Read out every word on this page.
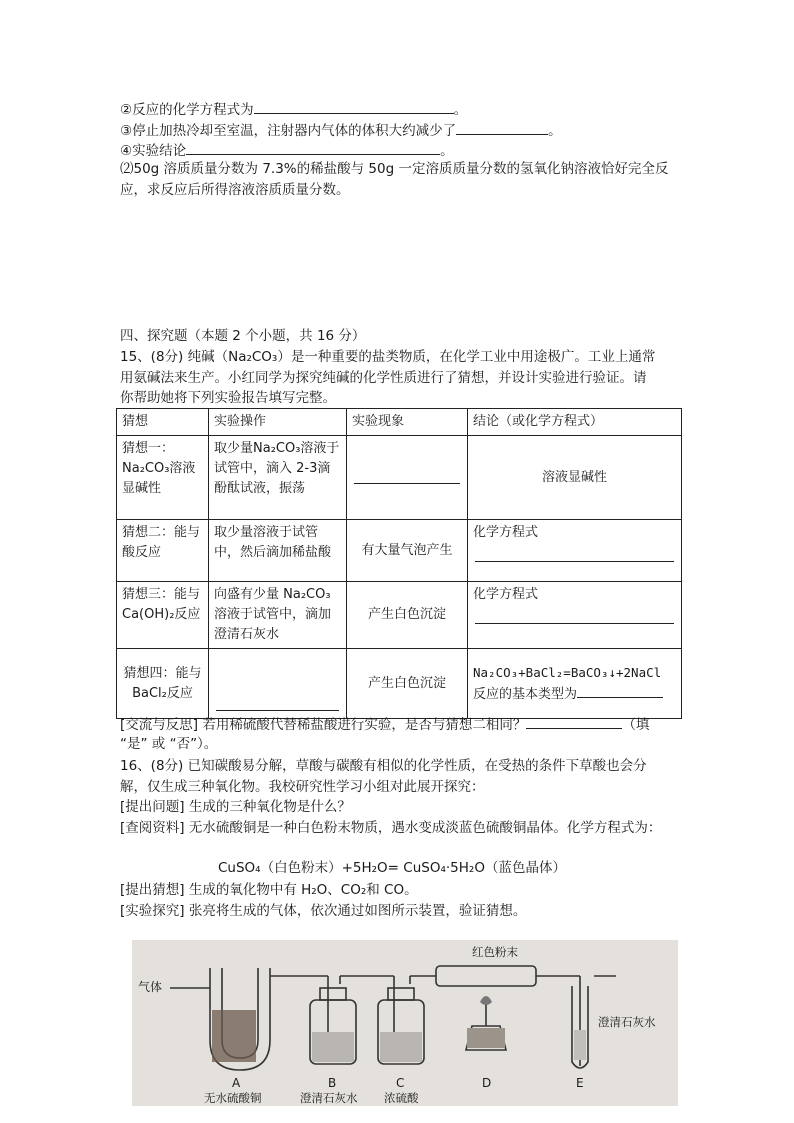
②反应的化学方程式为	。
③停止加热冷却至室温，注射器内气体的体积大约减少了	。
④实验结论	。
⑵50g 溶质质量分数为 7.3%的稀盐酸与 50g 一定溶质质量分数的氢氧化钠溶液恰好完全反
应，求反应后所得溶液溶质质量分数。
四、探究题（本题 2 个小题，共 16 分）
15、(8分) 纯碱（Na₂CO₃）是一种重要的盐类物质，在化学工业中用途极广。工业上通常
用氨碱法来生产。小红同学为探究纯碱的化学性质进行了猜想，并设计实验进行验证。请
你帮助她将下列实验报告填写完整。
猜想	实验操作	实验现象	结论（或化学方程式）
猜想一：Na₂CO₃溶液显碱性	取少量Na₂CO₃溶液于试管中，滴入 2-3滴酚酞试液，振荡		溶液显碱性
猜想二：能与酸反应	取少量溶液于试管中，然后滴加稀盐酸	有大量气泡产生	化学方程式

猜想三：能与Ca(OH)₂反应	向盛有少量 Na₂CO₃溶液于试管中，滴加澄清石灰水	产生白色沉淀	化学方程式

猜想四：能与BaCl₂反应		产生白色沉淀	Na₂CO₃+BaCl₂=BaCO₃↓+2NaCl
反应的基本类型为
[交流与反思] 若用稀硫酸代替稀盐酸进行实验，是否与猜想二相同？	（填
“是” 或 “否”）。
16、(8分) 已知碳酸易分解，草酸与碳酸有相似的化学性质，在受热的条件下草酸也会分
解，仅生成三种氧化物。我校研究性学习小组对此展开探究：
[提出问题] 生成的三种氧化物是什么？
[查阅资料] 无水硫酸铜是一种白色粉末物质，遇水变成淡蓝色硫酸铜晶体。化学方程式为：
CuSO₄（白色粉末）+5H₂O= CuSO₄·5H₂O（蓝色晶体）
[提出猜想] 生成的氧化物中有 H₂O、CO₂和 CO。
[实验探究] 张亮将生成的气体，依次通过如图所示装置，验证猜想。
气体
红色粉末
澄清石灰水
A	B	C	D	E
无水硫酸铜	澄清石灰水 浓硫酸
